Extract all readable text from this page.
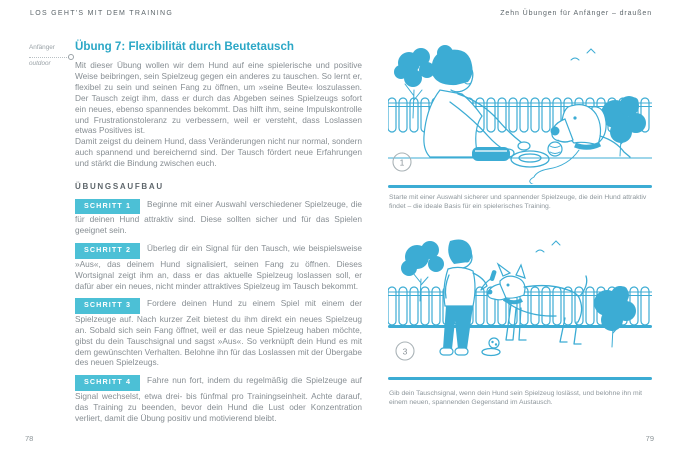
LOS GEHT'S MIT DEM TRAINING	Zehn Übungen für Anfänger – draußen
Anfänger
outdoor
Übung 7: Flexibilität durch Beutetausch

Mit dieser Übung wollen wir dem Hund auf eine spielerische und positive Weise beibringen, sein Spielzeug gegen ein anderes zu tauschen. So lernt er, flexibel zu sein und seinen Fang zu öffnen, um »seine Beute« loszulassen. Der Tausch zeigt ihm, dass er durch das Abgeben seines Spielzeugs sofort ein neues, ebenso spannendes bekommt. Das hilft ihm, seine Impulskontrolle und Frustrationstoleranz zu verbessern, weil er versteht, dass Loslassen etwas Positives ist.

Damit zeigst du deinem Hund, dass Veränderungen nicht nur normal, sondern auch spannend und bereichernd sind. Der Tausch fördert neue Erfahrungen und stärkt die Bindung zwischen euch.

ÜBUNGSAUFBAU

SCHRITT 1 Beginne mit einer Auswahl verschiedener Spielzeuge, die für deinen Hund attraktiv sind. Diese sollten sicher und für das Spielen geeignet sein.

SCHRITT 2 Überleg dir ein Signal für den Tausch, wie beispielsweise »Aus«, das deinem Hund signalisiert, seinen Fang zu öffnen. Dieses Wortsignal zeigt ihm an, dass er das aktuelle Spielzeug loslassen soll, er dafür aber ein neues, nicht minder attraktives Spielzeug im Tausch bekommt.

SCHRITT 3 Fordere deinen Hund zu einem Spiel mit einem der Spielzeuge auf. Nach kurzer Zeit bietest du ihm direkt ein neues Spielzeug an. Sobald sich sein Fang öffnet, weil er das neue Spielzeug haben möchte, gibst du dein Tauschsignal und sagst »Aus«. So verknüpft dein Hund es mit dem gewünschten Verhalten. Belohne ihn für das Loslassen mit der Übergabe des neuen Spielzeugs.

SCHRITT 4 Fahre nun fort, indem du regelmäßig die Spielzeuge auf Signal wechselst, etwa drei- bis fünfmal pro Trainingseinheit. Achte darauf, das Training zu beenden, bevor dein Hund die Lust oder Konzentration verliert, damit die Übung positiv und motivierend bleibt.

1
Starte mit einer Auswahl sicherer und spannender Spielzeuge, die dein Hund attraktiv findet – die ideale Basis für ein spielerisches Training.
3
Gib dein Tauschsignal, wenn dein Hund sein Spielzeug loslässt, und belohne ihn mit einem neuen, spannenden Gegenstand im Austausch.
78	79
